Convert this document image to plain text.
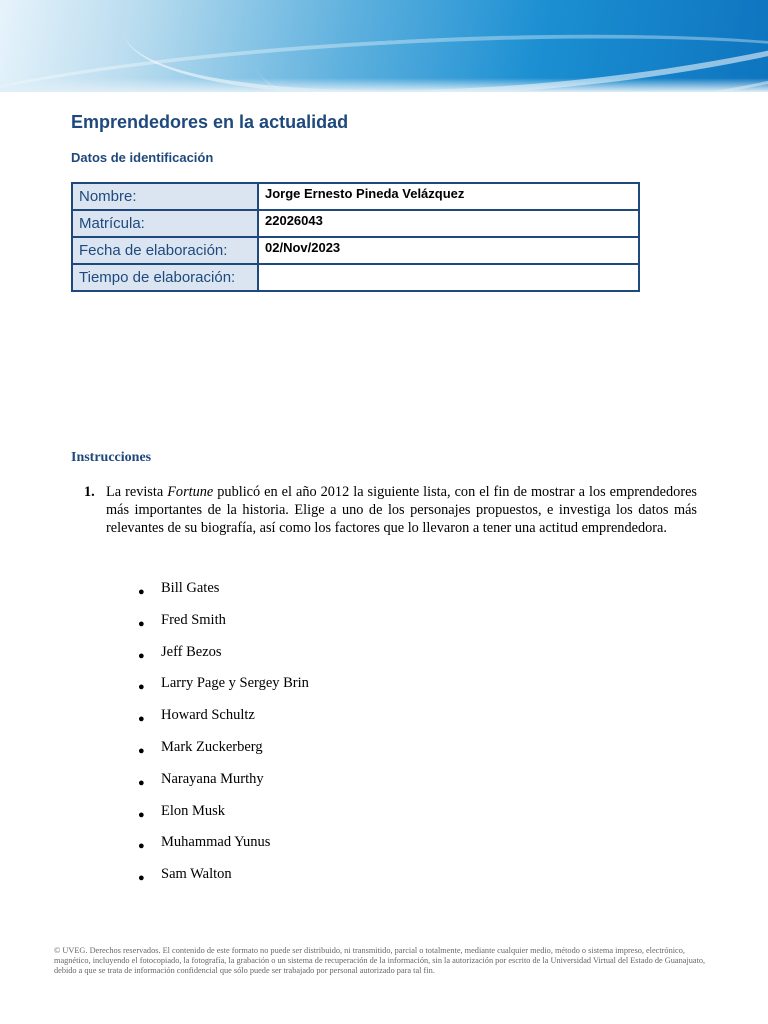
Emprendedores en la actualidad
Datos de identificación
Nombre:	Jorge Ernesto Pineda Velázquez
Matrícula:	22026043
Fecha de elaboración:	02/Nov/2023
Tiempo de elaboración:	
Instrucciones
1. La revista Fortune publicó en el año 2012 la siguiente lista, con el fin de mostrar a los emprendedores más importantes de la historia. Elige a uno de los personajes propuestos, e investiga los datos más relevantes de su biografía, así como los factores que lo llevaron a tener una actitud emprendedora.
● Bill Gates
● Fred Smith
● Jeff Bezos
● Larry Page y Sergey Brin
● Howard Schultz
● Mark Zuckerberg
● Narayana Murthy
● Elon Musk
● Muhammad Yunus
● Sam Walton
© UVEG. Derechos reservados. El contenido de este formato no puede ser distribuido, ni transmitido, parcial o totalmente, mediante cualquier medio, método o sistema impreso, electrónico, magnético, incluyendo el fotocopiado, la fotografía, la grabación o un sistema de recuperación de la información, sin la autorización por escrito de la Universidad Virtual del Estado de Guanajuato, debido a que se trata de información confidencial que sólo puede ser trabajado por personal autorizado para tal fin.
